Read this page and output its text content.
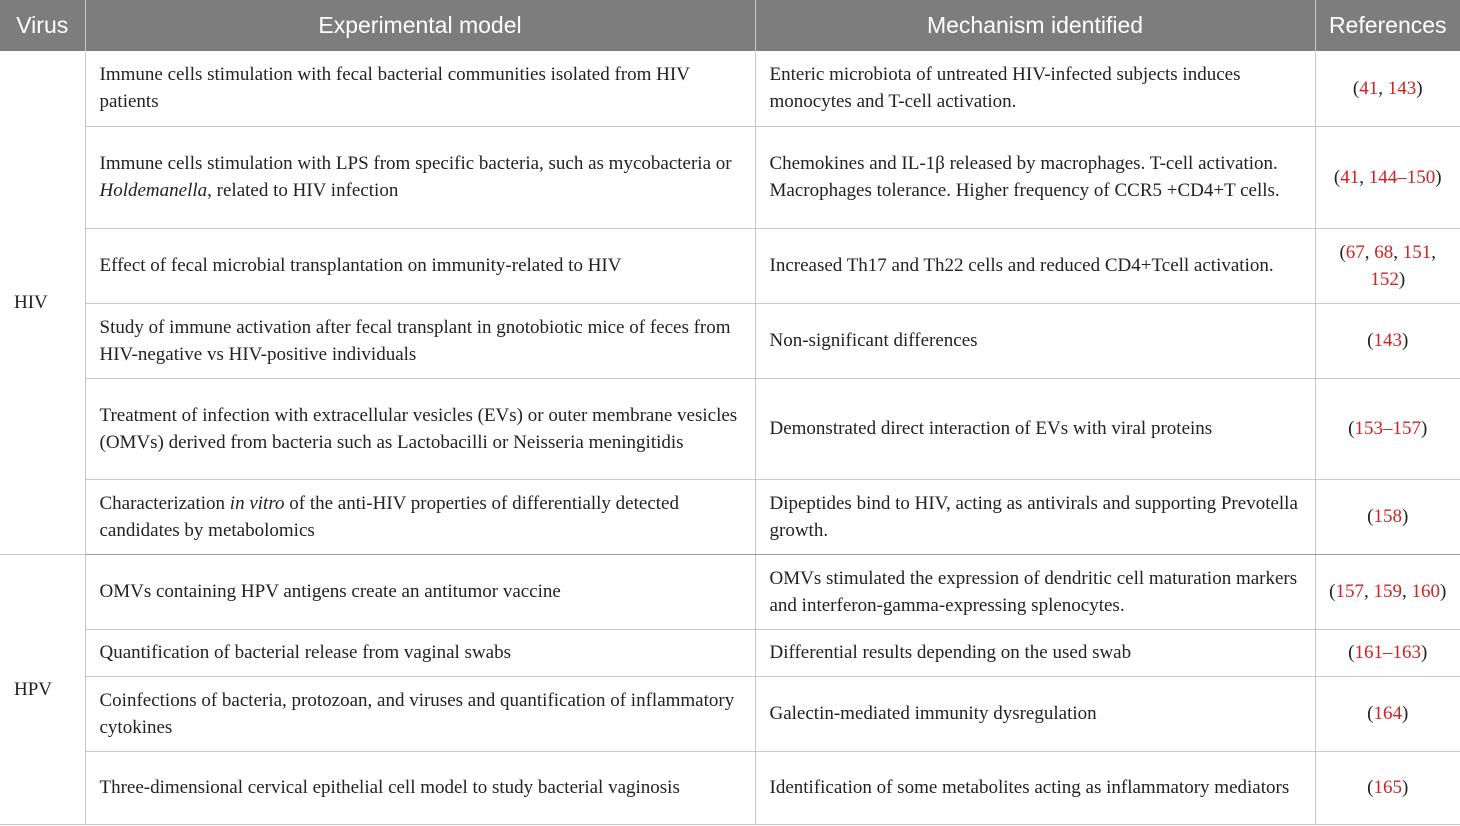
Virus	Experimental model	Mechanism identified	References
HIV	Immune cells stimulation with fecal bacterial communities isolated from HIV patients	Enteric microbiota of untreated HIV-infected subjects induces monocytes and T-cell activation.	(41, 143)
	Immune cells stimulation with LPS from specific bacteria, such as mycobacteria or Holdemanella, related to HIV infection	Chemokines and IL-1β released by macrophages. T-cell activation. Macrophages tolerance. Higher frequency of CCR5 +CD4+T cells.	(41, 144–150)
	Effect of fecal microbial transplantation on immunity-related to HIV	Increased Th17 and Th22 cells and reduced CD4+Tcell activation.	(67, 68, 151, 152)
	Study of immune activation after fecal transplant in gnotobiotic mice of feces from HIV-negative vs HIV-positive individuals	Non-significant differences	(143)
	Treatment of infection with extracellular vesicles (EVs) or outer membrane vesicles (OMVs) derived from bacteria such as Lactobacilli or Neisseria meningitidis	Demonstrated direct interaction of EVs with viral proteins	(153–157)
	Characterization in vitro of the anti-HIV properties of differentially detected candidates by metabolomics	Dipeptides bind to HIV, acting as antivirals and supporting Prevotella growth.	(158)
HPV	OMVs containing HPV antigens create an antitumor vaccine	OMVs stimulated the expression of dendritic cell maturation markers and interferon-gamma-expressing splenocytes.	(157, 159, 160)
	Quantification of bacterial release from vaginal swabs	Differential results depending on the used swab	(161–163)
	Coinfections of bacteria, protozoan, and viruses and quantification of inflammatory cytokines	Galectin-mediated immunity dysregulation	(164)
	Three-dimensional cervical epithelial cell model to study bacterial vaginosis	Identification of some metabolites acting as inflammatory mediators	(165)
